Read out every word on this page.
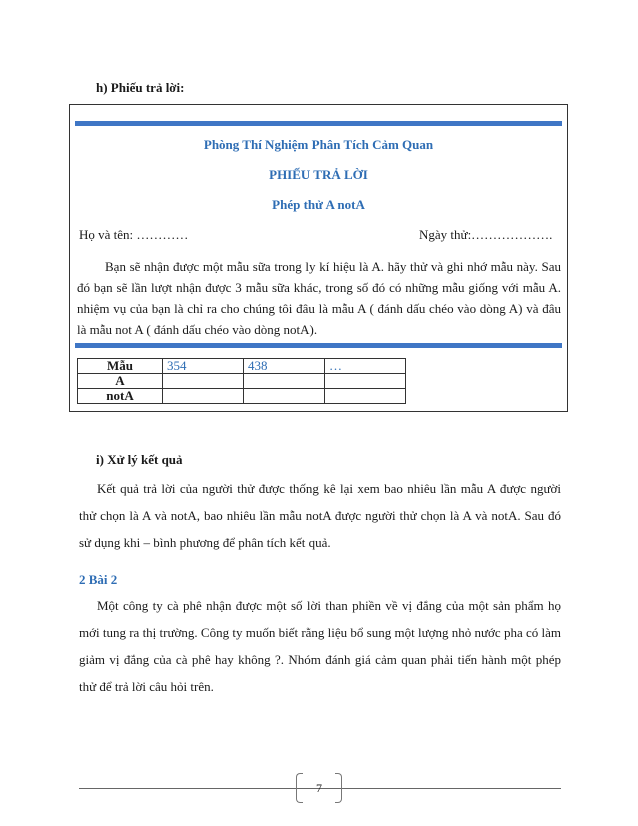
h) Phiếu trả lời:
Phòng Thí Nghiệm Phân Tích Cảm Quan
PHIẾU TRẢ LỜI
Phép thử A notA
Họ và tên: …………	Ngày thử:……………….
Bạn sẽ nhận được một mẫu sữa trong ly kí hiệu là A. hãy thử và ghi nhớ mẫu này. Sau đó bạn sẽ lần lượt nhận được 3 mẫu sữa khác, trong số đó có những mẫu giống với mẫu A. nhiệm vụ của bạn là chỉ ra cho chúng tôi đâu là mẫu A ( đánh dấu chéo vào dòng A) và đâu là mẫu not A ( đánh dấu chéo vào dòng notA).
Mẫu	354	438	…
A			
notA			
i) Xử lý kết quả
Kết quả trả lời của người thử được thống kê lại xem bao nhiêu lần mẫu A được người thử chọn là A và notA, bao nhiêu lần mẫu notA được người thử chọn là A và notA. Sau đó sử dụng khi – bình phương để phân tích kết quả.
2 Bài 2
Một công ty cà phê nhận được một số lời than phiền về vị đắng của một sản phẩm họ mới tung ra thị trường. Công ty muốn biết rằng liệu bổ sung một lượng nhỏ nước pha có làm giảm vị đắng của cà phê hay không ?. Nhóm đánh giá cảm quan phải tiến hành một phép thử để trả lời câu hỏi trên.
7
